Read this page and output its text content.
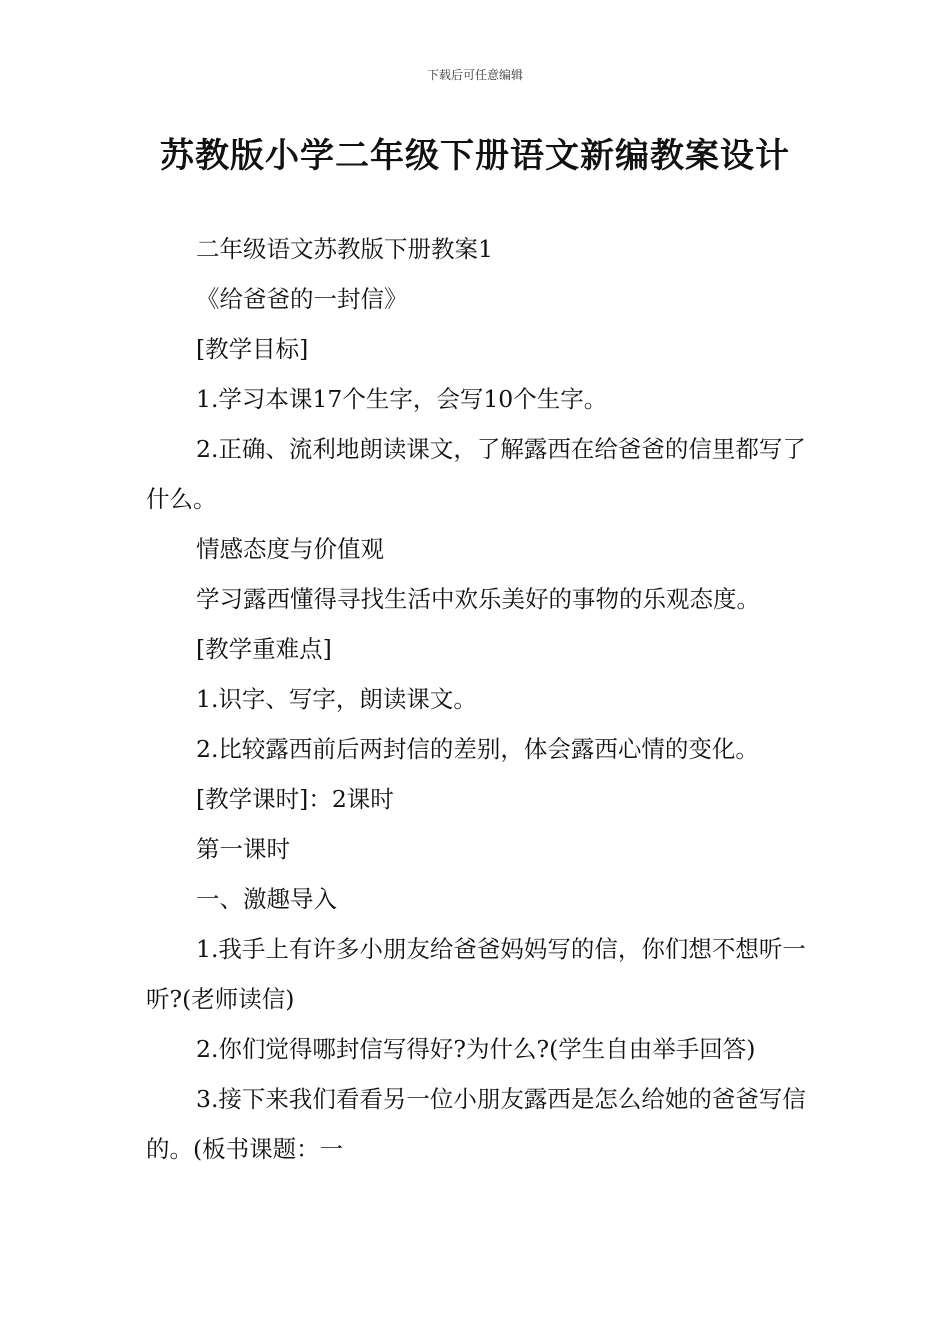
下载后可任意编辑
苏教版小学二年级下册语文新编教案设计

二年级语文苏教版下册教案1

《给爸爸的一封信》

[教学目标]

1.学习本课17个生字，会写10个生字。

2.正确、流利地朗读课文，了解露西在给爸爸的信里都写了什么。

情感态度与价值观

学习露西懂得寻找生活中欢乐美好的事物的乐观态度。

[教学重难点]

1.识字、写字，朗读课文。

2.比较露西前后两封信的差别，体会露西心情的变化。

[教学课时]：2课时

第一课时

一、激趣导入

1.我手上有许多小朋友给爸爸妈妈写的信，你们想不想听一听?(老师读信)

2.你们觉得哪封信写得好?为什么?(学生自由举手回答)

3.接下来我们看看另一位小朋友露西是怎么给她的爸爸写信的。(板书课题：一
